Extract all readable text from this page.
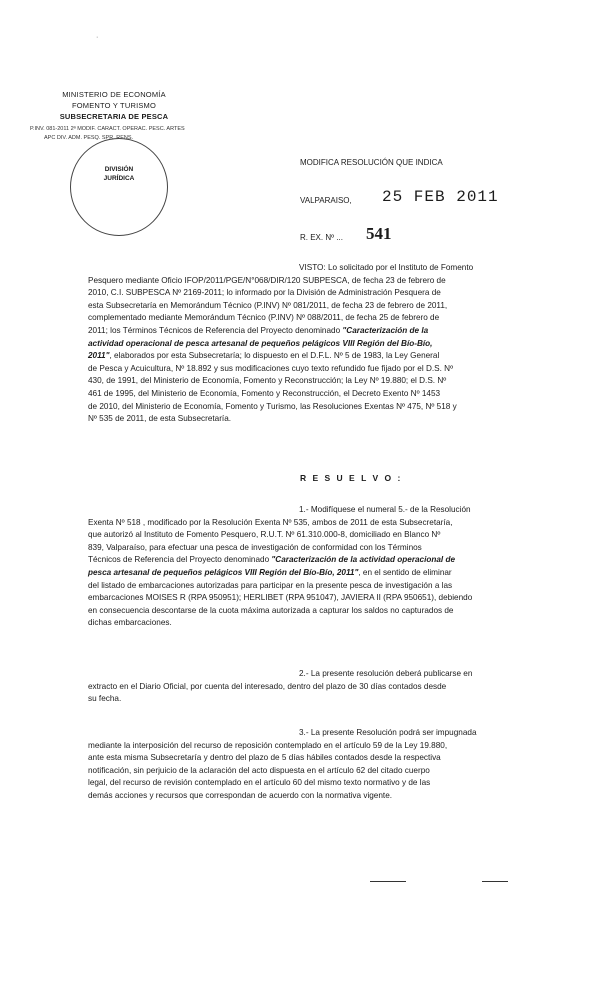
·
MINISTERIO DE ECONOMÍA
FOMENTO Y TURISMO
SUBSECRETARIA DE PESCA
P.INV. 081-2011 2ª MODIF. CARACT. OPERAC. PESC. ARTES
APC DIV. ADM. PESQ. SPR. RENS.
DIVISIÓN
JURÍDICA
MODIFICA RESOLUCIÓN QUE INDICA
VALPARAISO, 25 FEB 2011
R. EX. Nº ... 541
VISTO: Lo solicitado por el Instituto de Fomento
Pesquero mediante Oficio IFOP/2011/PGE/N°068/DIR/120 SUBPESCA, de fecha 23 de febrero de
2010, C.I. SUBPESCA Nº 2169-2011; lo informado por la División de Administración Pesquera de
esta Subsecretaría en Memorándum Técnico (P.INV) Nº 081/2011, de fecha 23 de febrero de 2011,
complementado mediante Memorándum Técnico (P.INV) Nº 088/2011, de fecha 25 de febrero de
2011; los Términos Técnicos de Referencia del Proyecto denominado "Caracterización de la
actividad operacional de pesca artesanal de pequeños pelágicos VIII Región del Bío-Bío,
2011", elaborados por esta Subsecretaría; lo dispuesto en el D.F.L. Nº 5 de 1983, la Ley General
de Pesca y Acuicultura, Nº 18.892 y sus modificaciones cuyo texto refundido fue fijado por el D.S. Nº
430, de 1991, del Ministerio de Economía, Fomento y Reconstrucción; la Ley Nº 19.880; el D.S. Nº
461 de 1995, del Ministerio de Economía, Fomento y Reconstrucción, el Decreto Exento Nº 1453
de 2010, del Ministerio de Economía, Fomento y Turismo, las Resoluciones Exentas Nº 475, Nº 518 y
Nº 535 de 2011, de esta Subsecretaría.
R E S U E L V O :
1.- Modifíquese el numeral 5.- de la Resolución
Exenta Nº 518 , modificado por la Resolución Exenta Nº 535, ambos de 2011 de esta Subsecretaría,
que autorizó al Instituto de Fomento Pesquero, R.U.T. Nº 61.310.000-8, domiciliado en Blanco Nº
839, Valparaíso, para efectuar una pesca de investigación de conformidad con los Términos
Técnicos de Referencia del Proyecto denominado "Caracterización de la actividad operacional de
pesca artesanal de pequeños pelágicos VIII Región del Bío-Bío, 2011", en el sentido de eliminar
del listado de embarcaciones autorizadas para participar en la presente pesca de investigación a las
embarcaciones MOISES R (RPA 950951); HERLIBET (RPA 951047), JAVIERA II (RPA 950651), debiendo
en consecuencia descontarse de la cuota máxima autorizada a capturar los saldos no capturados de
dichas embarcaciones.
2.- La presente resolución deberá publicarse en
extracto en el Diario Oficial, por cuenta del interesado, dentro del plazo de 30 días contados desde
su fecha.
3.- La presente Resolución podrá ser impugnada
mediante la interposición del recurso de reposición contemplado en el artículo 59 de la Ley 19.880,
ante esta misma Subsecretaría y dentro del plazo de 5 días hábiles contados desde la respectiva
notificación, sin perjuicio de la aclaración del acto dispuesta en el artículo 62 del citado cuerpo
legal, del recurso de revisión contemplado en el artículo 60 del mismo texto normativo y de las
demás acciones y recursos que correspondan de acuerdo con la normativa vigente.
